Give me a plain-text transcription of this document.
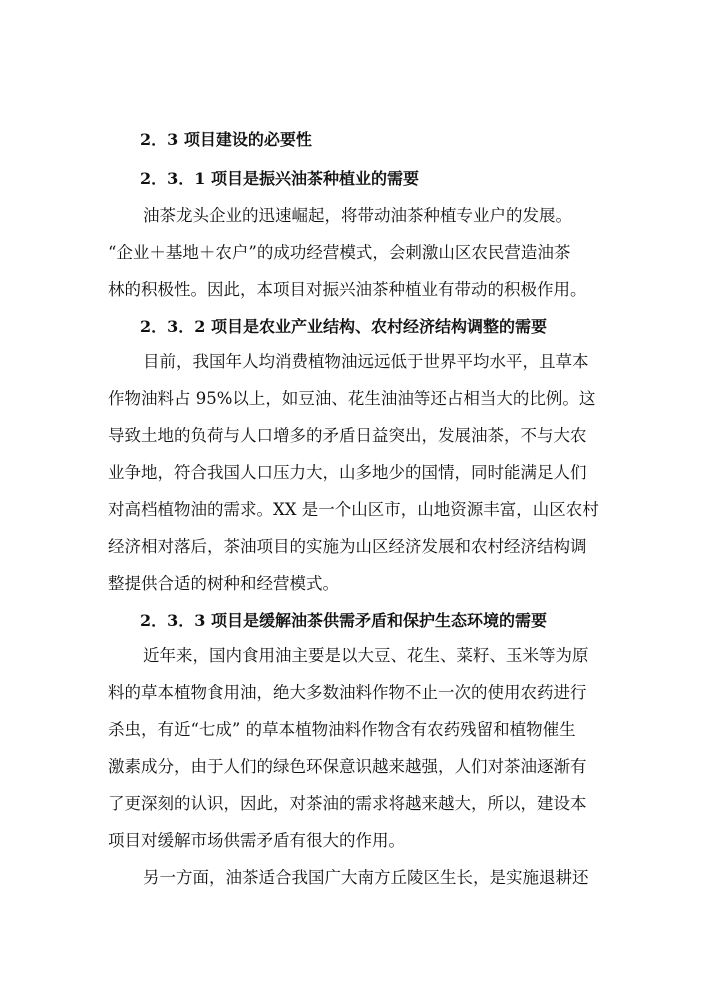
2．3 项目建设的必要性
2．3．1 项目是振兴油茶种植业的需要
油茶龙头企业的迅速崛起，将带动油茶种植专业户的发展。
“企业＋基地＋农户”的成功经营模式，会刺激山区农民营造油茶
林的积极性。因此，本项目对振兴油茶种植业有带动的积极作用。
2．3．2 项目是农业产业结构、农村经济结构调整的需要
目前，我国年人均消费植物油远远低于世界平均水平，且草本
作物油料占 95%以上，如豆油、花生油油等还占相当大的比例。这
导致土地的负荷与人口增多的矛盾日益突出，发展油茶，不与大农
业争地，符合我国人口压力大，山多地少的国情，同时能满足人们
对高档植物油的需求。XX 是一个山区市，山地资源丰富，山区农村
经济相对落后，茶油项目的实施为山区经济发展和农村经济结构调
整提供合适的树种和经营模式。
2．3．3 项目是缓解油茶供需矛盾和保护生态环境的需要
近年来，国内食用油主要是以大豆、花生、菜籽、玉米等为原
料的草本植物食用油，绝大多数油料作物不止一次的使用农药进行
杀虫，有近“七成” 的草本植物油料作物含有农药残留和植物催生
激素成分，由于人们的绿色环保意识越来越强，人们对茶油逐渐有
了更深刻的认识，因此，对茶油的需求将越来越大，所以，建设本
项目对缓解市场供需矛盾有很大的作用。
另一方面，油茶适合我国广大南方丘陵区生长，是实施退耕还
